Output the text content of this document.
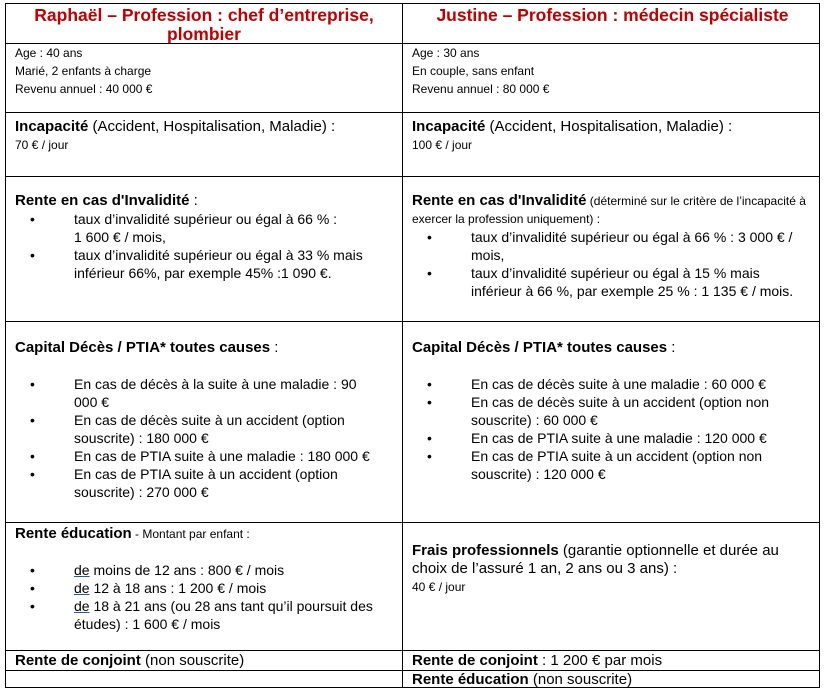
Raphaël – Profession : chef d’entreprise, plombier
Justine – Profession : médecin spécialiste
Age : 40 ans
Marié, 2 enfants à charge
Revenu annuel : 40 000 €
Age : 30 ans
En couple, sans enfant
Revenu annuel : 80 000 €
Incapacité (Accident, Hospitalisation, Maladie) :
70 € / jour
Incapacité (Accident, Hospitalisation, Maladie) :
100 € / jour
Rente en cas d'Invalidité :
• taux d’invalidité supérieur ou égal à 66 % : 1 600 € / mois,
• taux d’invalidité supérieur ou égal à 33 % mais inférieur 66%, par exemple 45% :1 090 €.
Rente en cas d'Invalidité (déterminé sur le critère de l’incapacité à exercer la profession uniquement) :
• taux d’invalidité supérieur ou égal à 66 % : 3 000 € / mois,
• taux d’invalidité supérieur ou égal à 15 % mais inférieur à 66 %, par exemple 25 % : 1 135 € / mois.
Capital Décès / PTIA* toutes causes :
• En cas de décès à la suite à une maladie : 90 000 €
• En cas de décès suite à un accident (option souscrite) : 180 000 €
• En cas de PTIA suite à une maladie : 180 000 €
• En cas de PTIA suite à un accident (option souscrite) : 270 000 €
Capital Décès / PTIA* toutes causes :
• En cas de décès suite à une maladie : 60 000 €
• En cas de décès suite à un accident (option non souscrite) : 60 000 €
• En cas de PTIA suite à une maladie : 120 000 €
• En cas de PTIA suite à un accident (option non souscrite) : 120 000 €
Rente éducation - Montant par enfant :
• de moins de 12 ans : 800 € / mois
• de 12 à 18 ans : 1 200 € / mois
• de 18 à 21 ans (ou 28 ans tant qu’il poursuit des études) : 1 600 € / mois
Frais professionnels (garantie optionnelle et durée au choix de l’assuré 1 an, 2 ans ou 3 ans) :
40 € / jour
Rente de conjoint (non souscrite)	Rente de conjoint : 1 200 € par mois
Rente éducation (non souscrite)
